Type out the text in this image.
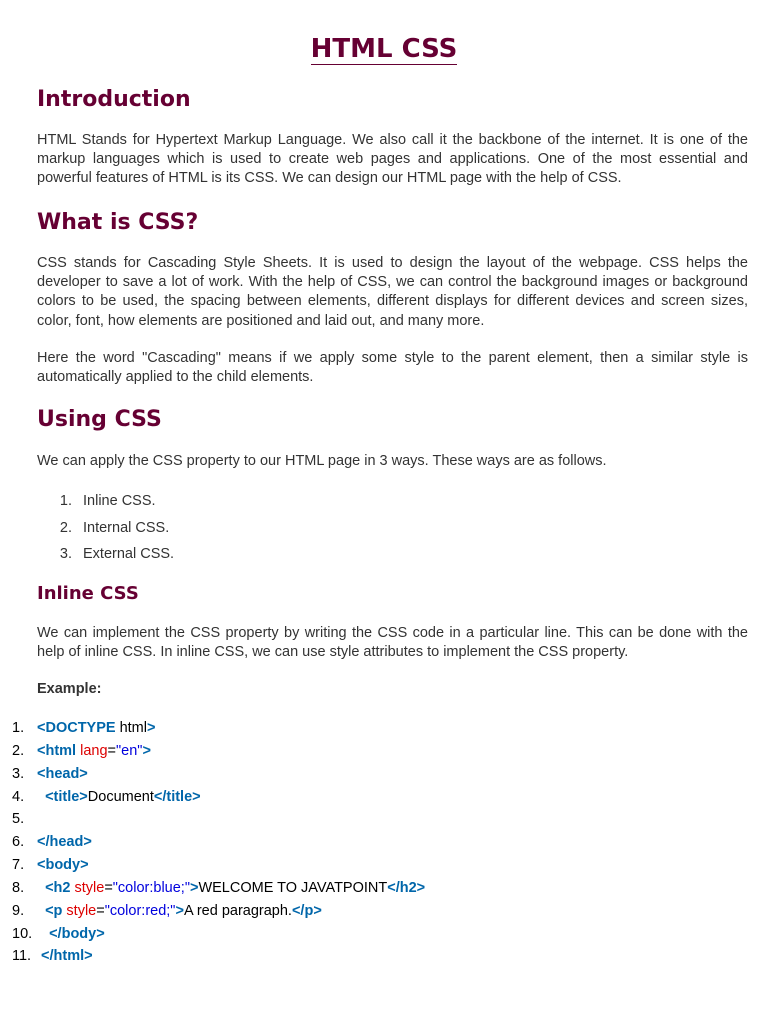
HTML CSS
Introduction

HTML Stands for Hypertext Markup Language. We also call it the backbone of the internet. It is one of the markup languages which is used to create web pages and applications. One of the most essential and powerful features of HTML is its CSS. We can design our HTML page with the help of CSS.

What is CSS?

CSS stands for Cascading Style Sheets. It is used to design the layout of the webpage. CSS helps the developer to save a lot of work. With the help of CSS, we can control the background images or background colors to be used, the spacing between elements, different displays for different devices and screen sizes, color, font, how elements are positioned and laid out, and many more.

Here the word "Cascading" means if we apply some style to the parent element, then a similar style is automatically applied to the child elements.

Using CSS

We can apply the CSS property to our HTML page in 3 ways. These ways are as follows.

1. Inline CSS.
2. Internal CSS.
3. External CSS.
Inline CSS

We can implement the CSS property by writing the CSS code in a particular line. This can be done with the help of inline CSS. In inline CSS, we can use style attributes to implement the CSS property.

Example:

1. <DOCTYPE html>
2. <html lang="en">
3. <head>
4.	<title>Document</title>
5.
6. </head>
7. <body>
8.	<h2 style="color:blue;">WELCOME TO JAVATPOINT</h2>
9.	<p style="color:red;">A red paragraph.</p>
10.	</body>
11. </html>
